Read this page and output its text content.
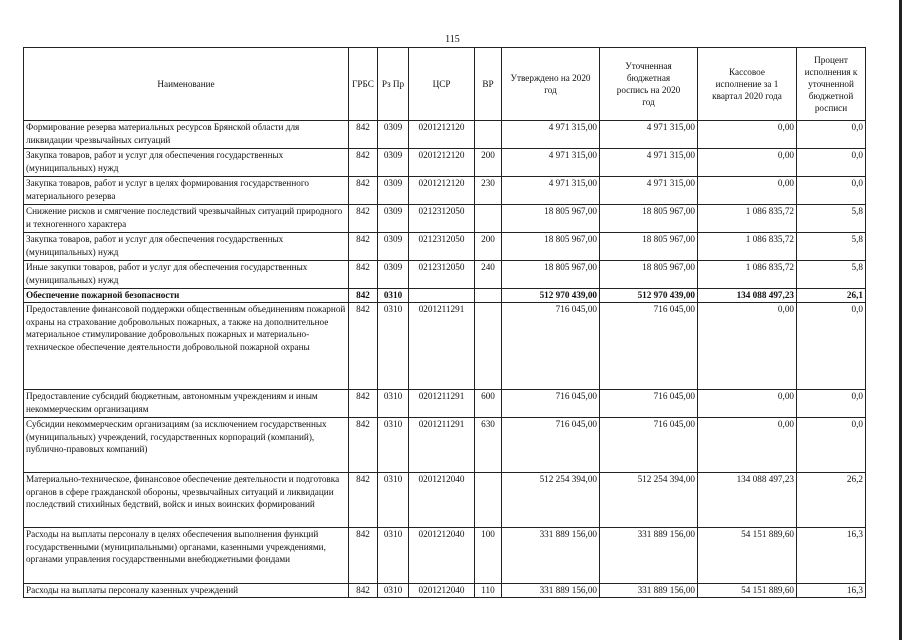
115
Наименование	ГРБС	Рз Пр	ЦСР	ВР	Утверждено на 2020 год	Уточненная бюджетная роспись на 2020 год	Кассовое исполнение за 1 квартал 2020 года	Процент исполнения к уточненной бюджетной росписи
Формирование резерва материальных ресурсов Брянской области для ликвидации чрезвычайных ситуаций	842	0309	0201212120		4 971 315,00	4 971 315,00	0,00	0,0
Закупка товаров, работ и услуг для обеспечения государственных (муниципальных) нужд	842	0309	0201212120	200	4 971 315,00	4 971 315,00	0,00	0,0
Закупка товаров, работ и услуг в целях формирования государственного материального резерва	842	0309	0201212120	230	4 971 315,00	4 971 315,00	0,00	0,0
Снижение рисков и смягчение последствий чрезвычайных ситуаций природного и техногенного характера	842	0309	0212312050		18 805 967,00	18 805 967,00	1 086 835,72	5,8
Закупка товаров, работ и услуг для обеспечения государственных (муниципальных) нужд	842	0309	0212312050	200	18 805 967,00	18 805 967,00	1 086 835,72	5,8
Иные закупки товаров, работ и услуг для обеспечения государственных (муниципальных) нужд	842	0309	0212312050	240	18 805 967,00	18 805 967,00	1 086 835,72	5,8
Обеспечение пожарной безопасности	842	0310			512 970 439,00	512 970 439,00	134 088 497,23	26,1
Предоставление финансовой поддержки общественным объединениям пожарной охраны на страхование добровольных пожарных, а также на дополнительное материальное стимулирование добровольных пожарных и материально-техническое обеспечение деятельности добровольной пожарной охраны	842	0310	0201211291		716 045,00	716 045,00	0,00	0,0
Предоставление субсидий бюджетным, автономным учреждениям и иным некоммерческим организациям	842	0310	0201211291	600	716 045,00	716 045,00	0,00	0,0
Субсидии некоммерческим организациям (за исключением государственных (муниципальных) учреждений, государственных корпораций (компаний), публично-правовых компаний)	842	0310	0201211291	630	716 045,00	716 045,00	0,00	0,0
Материально-техническое, финансовое обеспечение деятельности и подготовка органов в сфере гражданской обороны, чрезвычайных ситуаций и ликвидации последствий стихийных бедствий, войск и иных воинских формирований	842	0310	0201212040		512 254 394,00	512 254 394,00	134 088 497,23	26,2
Расходы на выплаты персоналу в целях обеспечения выполнения функций государственными (муниципальными) органами, казенными учреждениями, органами управления государственными внебюджетными фондами	842	0310	0201212040	100	331 889 156,00	331 889 156,00	54 151 889,60	16,3
Расходы на выплаты персоналу казенных учреждений	842	0310	0201212040	110	331 889 156,00	331 889 156,00	54 151 889,60	16,3
